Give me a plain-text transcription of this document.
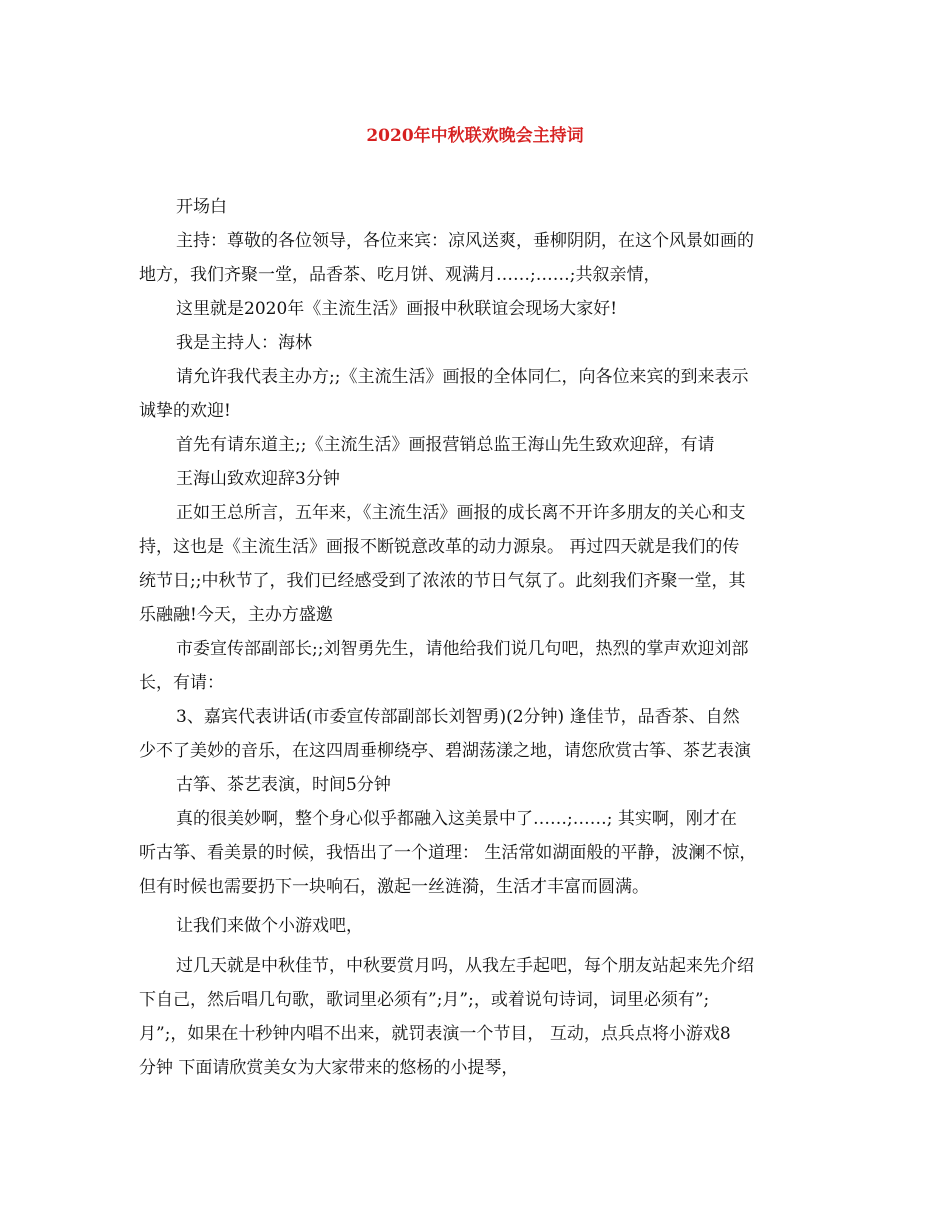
2020年中秋联欢晚会主持词
开场白
主持：尊敬的各位领导，各位来宾：凉风送爽，垂柳阴阴，在这个风景如画的
地方，我们齐聚一堂，品香茶、吃月饼、观满月……;……;共叙亲情，
这里就是2020年《主流生活》画报中秋联谊会现场大家好!
我是主持人：海林
请允许我代表主办方;;《主流生活》画报的全体同仁，向各位来宾的到来表示
诚挚的欢迎!
首先有请东道主;;《主流生活》画报营销总监王海山先生致欢迎辞，有请
王海山致欢迎辞3分钟
正如王总所言，五年来，《主流生活》画报的成长离不开许多朋友的关心和支
持，这也是《主流生活》画报不断锐意改革的动力源泉。 再过四天就是我们的传
统节日;;中秋节了，我们已经感受到了浓浓的节日气氛了。此刻我们齐聚一堂，其
乐融融!今天，主办方盛邀
市委宣传部副部长;;刘智勇先生，请他给我们说几句吧，热烈的掌声欢迎刘部
长，有请：
3、嘉宾代表讲话(市委宣传部副部长刘智勇)(2分钟) 逢佳节，品香茶、自然
少不了美妙的音乐，在这四周垂柳绕亭、碧湖荡漾之地，请您欣赏古筝、茶艺表演
古筝、茶艺表演，时间5分钟
真的很美妙啊，整个身心似乎都融入这美景中了……;……; 其实啊，刚才在
听古筝、看美景的时候，我悟出了一个道理： 生活常如湖面般的平静，波澜不惊，
但有时候也需要扔下一块响石，激起一丝涟漪，生活才丰富而圆满。
让我们来做个小游戏吧，
过几天就是中秋佳节，中秋要赏月吗，从我左手起吧，每个朋友站起来先介绍
下自己，然后唱几句歌，歌词里必须有”;月”;，或着说句诗词，词里必须有”;
月”;，如果在十秒钟内唱不出来，就罚表演一个节目， 互动，点兵点将小游戏8
分钟 下面请欣赏美女为大家带来的悠杨的小提琴，
